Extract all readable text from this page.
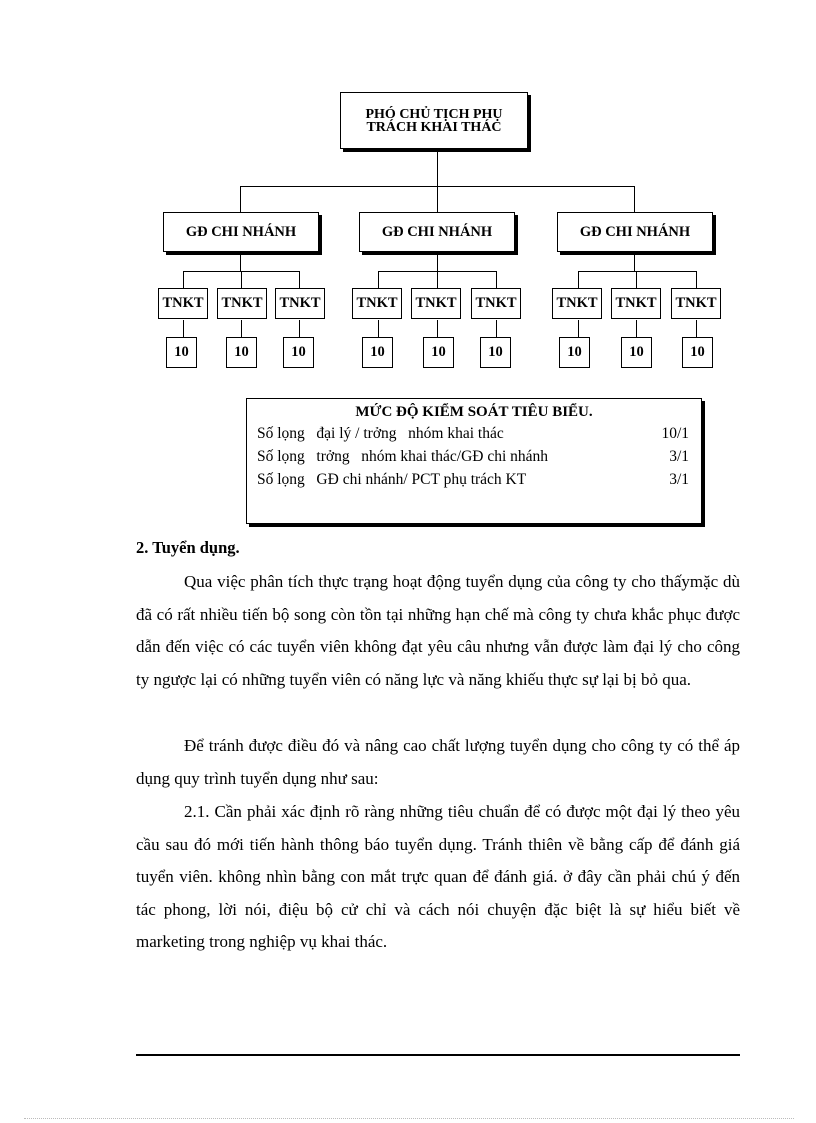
PHÓ CHỦ TỊCH PHỤ
TRÁCH KHAI THÁC
GĐ CHI NHÁNH
TNKT TNKT TNKT
10	10	10
GĐ CHI NHÁNH
TNKT TNKT TNKT
10	10	10
GĐ CHI NHÁNH
TNKT TNKT TNKT
10	10	10
MỨC ĐỘ KIỂM SOÁT TIÊU BIỂU.
Số lọng   đại lý / trởng   nhóm khai thác	10/1
Số lọng   trởng   nhóm khai thác/GĐ chi nhánh	3/1
Số lọng   GĐ chi nhánh/ PCT phụ trách KT	3/1
2. Tuyển dụng.
Qua việc phân tích thực trạng hoạt động tuyển dụng của công ty cho thấymặc dù đã có rất nhiều tiến bộ song còn tồn tại những hạn chế mà công ty chưa khắc phục được dẫn đến việc có các tuyển viên không đạt yêu câu nhưng vẫn được làm đại lý cho công ty ngược lại có những tuyển viên có năng lực và năng khiếu thực sự lại bị bỏ qua.
Để tránh được điều đó và nâng cao chất lượng tuyển dụng cho công ty có thể áp dụng quy trình tuyển dụng như sau:
2.1. Cần phải xác định rõ ràng những tiêu chuẩn để có được một đại lý theo yêu cầu sau đó mới tiến hành thông báo tuyển dụng. Tránh thiên về bằng cấp để đánh giá tuyển viên. không nhìn bằng con mắt trực quan để đánh giá. ở đây cần phải chú ý đến tác phong, lời nói, điệu bộ cử chỉ và cách nói chuyện đặc biệt là sự hiểu biết về marketing trong nghiệp vụ khai thác.
